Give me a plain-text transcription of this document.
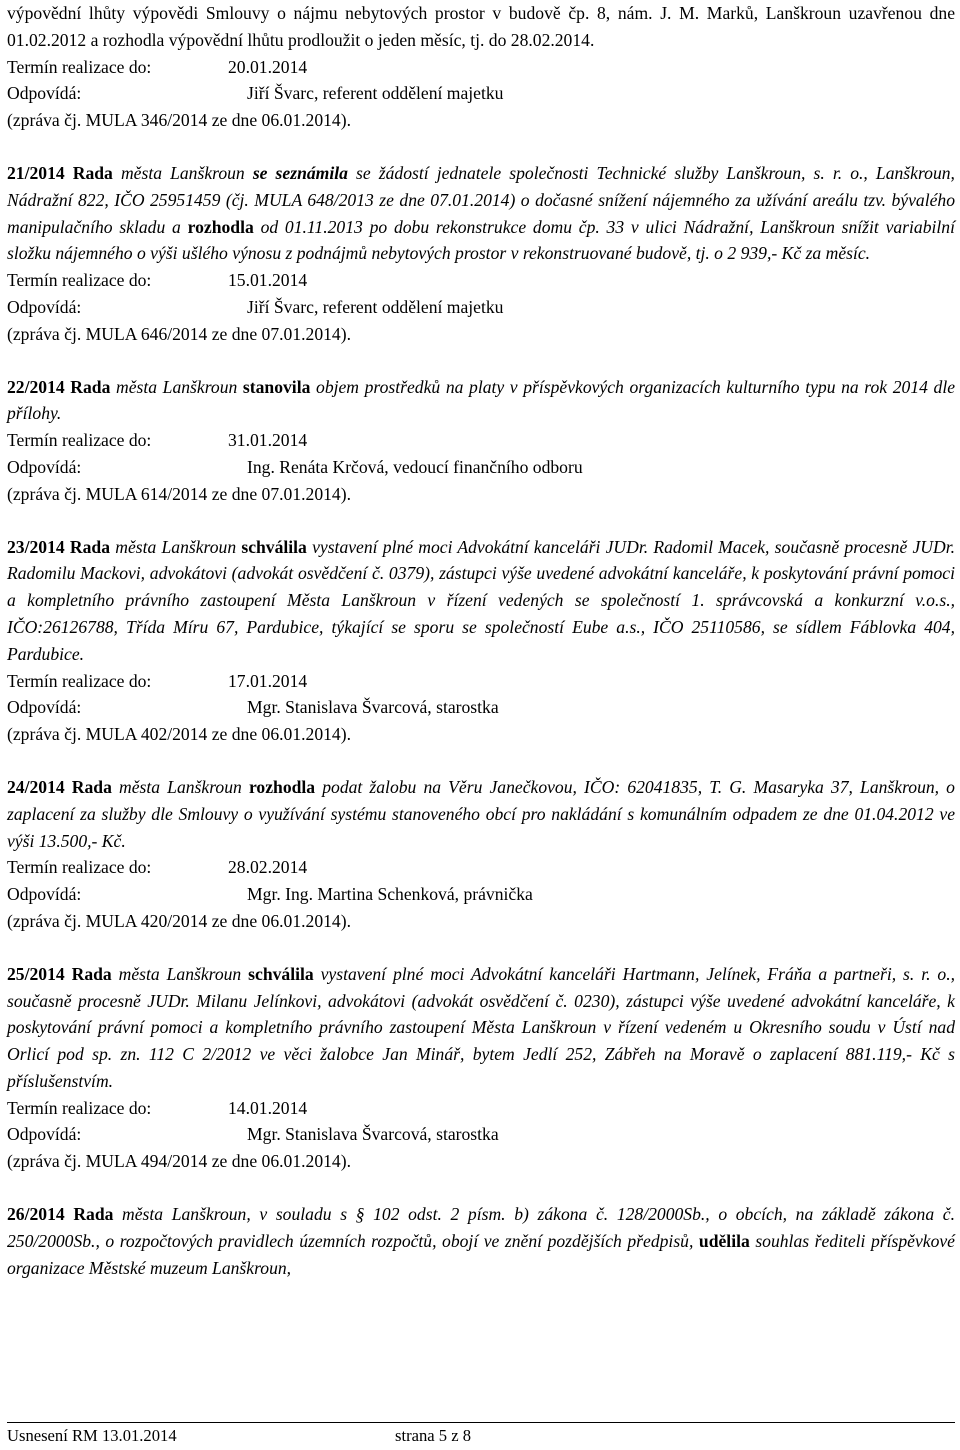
výpovědní lhůty výpovědi Smlouvy o nájmu nebytových prostor v budově čp. 8, nám. J. M. Marků, Lanškroun uzavřenou dne 01.02.2012 a rozhodla výpovědní lhůtu prodloužit o jeden měsíc, tj. do 28.02.2014.

Termín realizace do:	20.01.2014
Odpovídá:	Jiří Švarc, referent oddělení majetku
(zpráva čj. MULA 346/2014 ze dne 06.01.2014).

21/2014 Rada města Lanškroun se seznámila se žádostí jednatele společnosti Technické služby Lanškroun, s. r. o., Lanškroun, Nádražní 822, IČO 25951459 (čj. MULA 648/2013 ze dne 07.01.2014) o dočasné snížení nájemného za užívání areálu tzv. bývalého manipulačního skladu a rozhodla od 01.11.2013 po dobu rekonstrukce domu čp. 33 v ulici Nádražní, Lanškroun snížit variabilní složku nájemného o výši ušlého výnosu z podnájmů nebytových prostor v rekonstruované budově, tj. o 2 939,- Kč za měsíc.

Termín realizace do:	15.01.2014
Odpovídá:	Jiří Švarc, referent oddělení majetku
(zpráva čj. MULA 646/2014 ze dne 07.01.2014).

22/2014 Rada města Lanškroun stanovila objem prostředků na platy v příspěvkových organizacích kulturního typu na rok 2014 dle přílohy.

Termín realizace do:	31.01.2014
Odpovídá:	Ing. Renáta Krčová, vedoucí finančního odboru
(zpráva čj. MULA 614/2014 ze dne 07.01.2014).

23/2014 Rada města Lanškroun schválila vystavení plné moci Advokátní kanceláři JUDr. Radomil Macek, současně procesně JUDr. Radomilu Mackovi, advokátovi (advokát osvědčení č. 0379), zástupci výše uvedené advokátní kanceláře, k poskytování právní pomoci a kompletního právního zastoupení Města Lanškroun v řízení vedených se společností 1. správcovská a konkurzní v.o.s., IČO:26126788, Třída Míru 67, Pardubice, týkající se sporu se společností Eube a.s., IČO 25110586, se sídlem Fáblovka 404, Pardubice.

Termín realizace do:	17.01.2014
Odpovídá:	Mgr. Stanislava Švarcová, starostka
(zpráva čj. MULA 402/2014 ze dne 06.01.2014).

24/2014 Rada města Lanškroun rozhodla podat žalobu na Věru Janečkovou, IČO: 62041835, T. G. Masaryka 37, Lanškroun, o zaplacení za služby dle Smlouvy o využívání systému stanoveného obcí pro nakládání s komunálním odpadem ze dne 01.04.2012 ve výši 13.500,- Kč.

Termín realizace do:	28.02.2014
Odpovídá:	Mgr. Ing. Martina Schenková, právnička
(zpráva čj. MULA 420/2014 ze dne 06.01.2014).

25/2014 Rada města Lanškroun schválila vystavení plné moci Advokátní kanceláři Hartmann, Jelínek, Fráňa a partneři, s. r. o., současně procesně JUDr. Milanu Jelínkovi, advokátovi (advokát osvědčení č. 0230), zástupci výše uvedené advokátní kanceláře, k poskytování právní pomoci a kompletního právního zastoupení Města Lanškroun v řízení vedeném u Okresního soudu v Ústí nad Orlicí pod sp. zn. 112 C 2/2012 ve věci žalobce Jan Minář, bytem Jedlí 252, Zábřeh na Moravě o zaplacení 881.119,- Kč s příslušenstvím.

Termín realizace do:	14.01.2014
Odpovídá:	Mgr. Stanislava Švarcová, starostka
(zpráva čj. MULA 494/2014 ze dne 06.01.2014).

26/2014 Rada města Lanškroun, v souladu s § 102 odst. 2 písm. b) zákona č. 128/2000Sb., o obcích, na základě zákona č. 250/2000Sb., o rozpočtových pravidlech územních rozpočtů, obojí ve znění pozdějších předpisů, udělila souhlas řediteli příspěvkové organizace Městské muzeum Lanškroun,

Usnesení RM 13.01.2014	strana 5 z 8
